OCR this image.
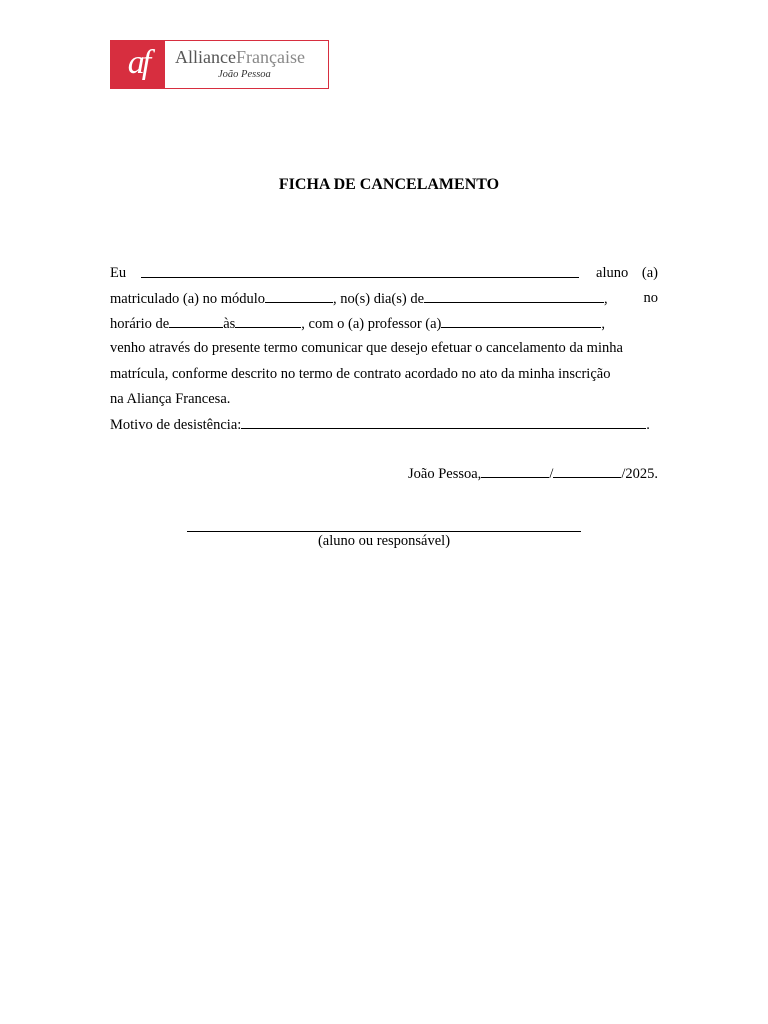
af	AllianceFrançaise
João Pessoa
FICHA DE CANCELAMENTO
Eu	aluno (a)
matriculado (a) no módulo	, no(s) dia(s) de	, no
horário de	às	, com o (a) professor (a)	,
venho através do presente termo comunicar que desejo efetuar o cancelamento da minha
matrícula, conforme descrito no termo de contrato acordado no ato da minha inscrição
na Aliança Francesa.
Motivo de desistência:	.
João Pessoa,	/	/2025.
(aluno ou responsável)
